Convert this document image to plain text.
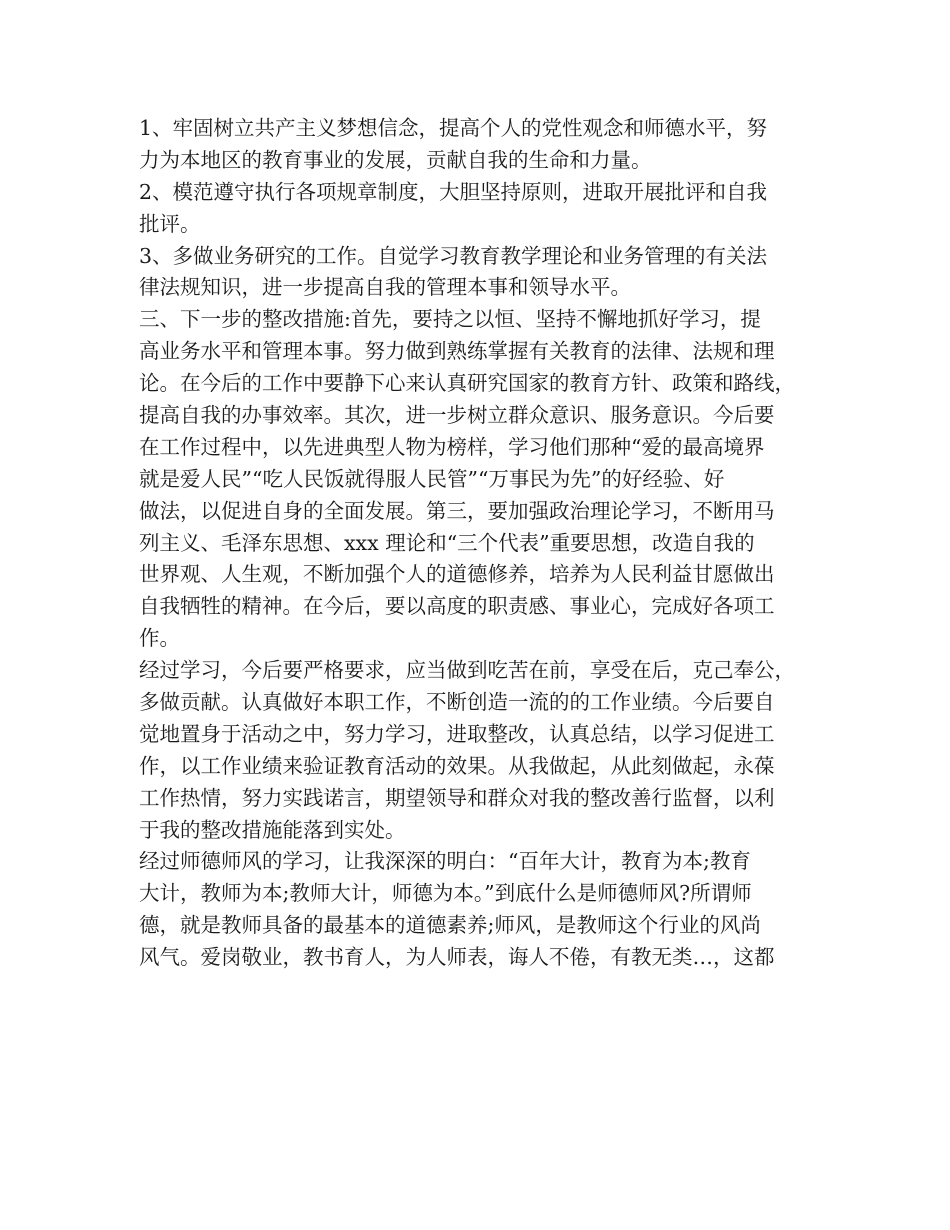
1、牢固树立共产主义梦想信念，提高个人的党性观念和师德水平，努
力为本地区的教育事业的发展，贡献自我的生命和力量。
2、模范遵守执行各项规章制度，大胆坚持原则，进取开展批评和自我
批评。
3、多做业务研究的工作。自觉学习教育教学理论和业务管理的有关法
律法规知识，进一步提高自我的管理本事和领导水平。
三、下一步的整改措施:首先，要持之以恒、坚持不懈地抓好学习，提
高业务水平和管理本事。努力做到熟练掌握有关教育的法律、法规和理
论。在今后的工作中要静下心来认真研究国家的教育方针、政策和路线，
提高自我的办事效率。其次，进一步树立群众意识、服务意识。今后要
在工作过程中，以先进典型人物为榜样，学习他们那种“爱的最高境界
就是爱人民”“吃人民饭就得服人民管”“万事民为先”的好经验、好
做法，以促进自身的全面发展。第三，要加强政治理论学习，不断用马
列主义、毛泽东思想、xxx 理论和“三个代表”重要思想，改造自我的
世界观、人生观，不断加强个人的道德修养，培养为人民利益甘愿做出
自我牺牲的精神。在今后，要以高度的职责感、事业心，完成好各项工
作。
经过学习，今后要严格要求，应当做到吃苦在前，享受在后，克己奉公，
多做贡献。认真做好本职工作，不断创造一流的的工作业绩。今后要自
觉地置身于活动之中，努力学习，进取整改，认真总结，以学习促进工
作，以工作业绩来验证教育活动的效果。从我做起，从此刻做起，永葆
工作热情，努力实践诺言，期望领导和群众对我的整改善行监督，以利
于我的整改措施能落到实处。
经过师德师风的学习，让我深深的明白：“百年大计，教育为本;教育
大计，教师为本;教师大计，师德为本。”到底什么是师德师风?所谓师
德，就是教师具备的最基本的道德素养;师风，是教师这个行业的风尚
风气。爱岗敬业，教书育人，为人师表，诲人不倦，有教无类…，这都
